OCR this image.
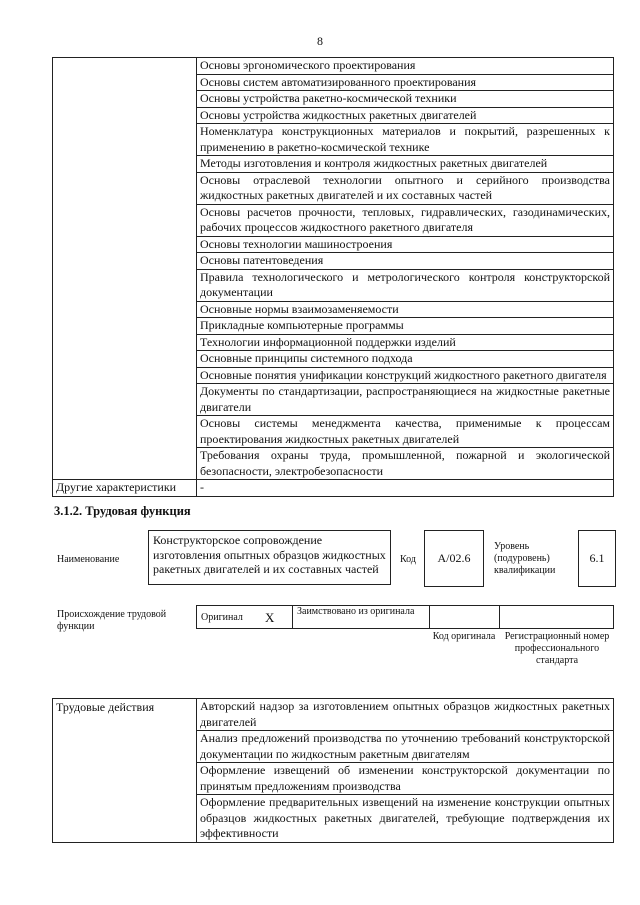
8
	Основы эргономического проектирования
	Основы систем автоматизированного проектирования
	Основы устройства ракетно-космической техники
	Основы устройства жидкостных ракетных двигателей
	Номенклатура конструкционных материалов и покрытий, разрешенных к применению в ракетно-космической технике
	Методы изготовления и контроля жидкостных ракетных двигателей
	Основы отраслевой технологии опытного и серийного производства жидкостных ракетных двигателей и их составных частей
	Основы расчетов прочности, тепловых, гидравлических, газодинамических, рабочих процессов жидкостного ракетного двигателя
	Основы технологии машиностроения
	Основы патентоведения
	Правила технологического и метрологического контроля конструкторской документации
	Основные нормы взаимозаменяемости
	Прикладные компьютерные программы
	Технологии информационной поддержки изделий
	Основные принципы системного подхода
	Основные понятия унификации конструкций жидкостного ракетного двигателя
	Документы по стандартизации, распространяющиеся на жидкостные ракетные двигатели
	Основы системы менеджмента качества, применимые к процессам проектирования жидкостных ракетных двигателей
	Требования охраны труда, промышленной, пожарной и экологической безопасности, электробезопасности
Другие характеристики	-
3.1.2. Трудовая функция
Наименование
Конструкторское сопровождение изготовления опытных образцов жидкостных ракетных двигателей и их составных частей
Код	A/02.6
Уровень (подуровень) квалификации
6.1
Происхождение трудовой функции
Оригинал X Заимствовано из оригинала
Код оригинала Регистрационный номер профессионального стандарта
Трудовые действия	Авторский надзор за изготовлением опытных образцов жидкостных ракетных двигателей
Анализ предложений производства по уточнению требований конструкторской документации по жидкостным ракетным двигателям
Оформление извещений об изменении конструкторской документации по принятым предложениям производства
Оформление предварительных извещений на изменение конструкции опытных образцов жидкостных ракетных двигателей, требующие подтверждения их эффективности
